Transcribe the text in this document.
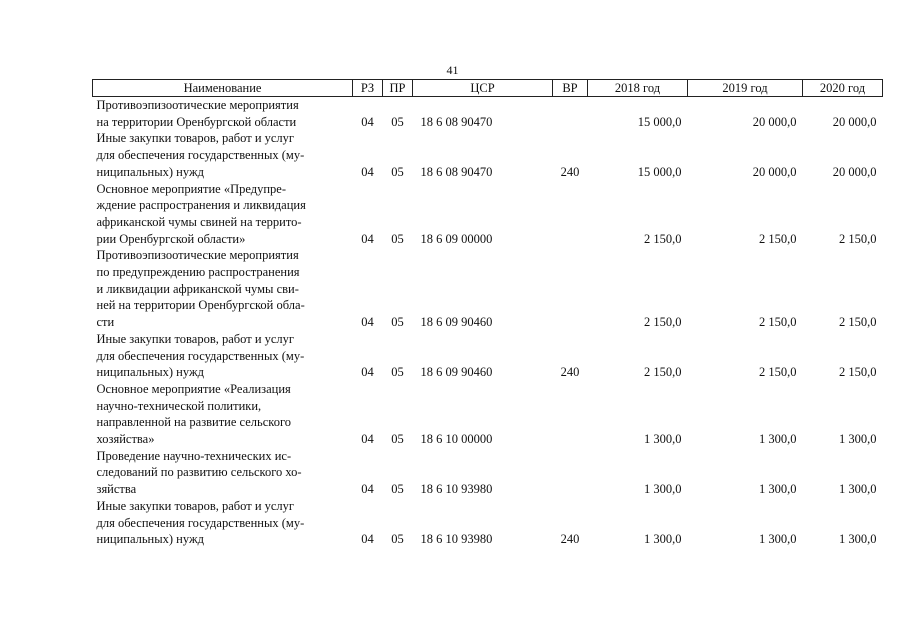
41
Наименование	РЗ	ПР	ЦСР	ВР	2018 год	2019 год	2020 год

Противоэпизоотические мероприятия
на территории Оренбургской области	04	05	18 6 08 90470		15 000,0	20 000,0	20 000,0

Иные закупки товаров, работ и услуг
для обеспечения государственных (му-
ниципальных) нужд	04	05	18 6 08 90470	240	15 000,0	20 000,0	20 000,0

Основное мероприятие «Предупре-
ждение распространения и ликвидация
африканской чумы свиней на террито-
рии Оренбургской области»	04	05	18 6 09 00000		2 150,0	2 150,0	2 150,0

Противоэпизоотические мероприятия
по предупреждению распространения
и ликвидации африканской чумы сви-
ней на территории Оренбургской обла-
сти	04	05	18 6 09 90460		2 150,0	2 150,0	2 150,0

Иные закупки товаров, работ и услуг
для обеспечения государственных (му-
ниципальных) нужд	04	05	18 6 09 90460	240	2 150,0	2 150,0	2 150,0

Основное мероприятие «Реализация
научно-технической политики,
направленной на развитие сельского
хозяйства»	04	05	18 6 10 00000		1 300,0	1 300,0	1 300,0

Проведение научно-технических ис-
следований по развитию сельского хо-
зяйства	04	05	18 6 10 93980		1 300,0	1 300,0	1 300,0

Иные закупки товаров, работ и услуг
для обеспечения государственных (му-
ниципальных) нужд	04	05	18 6 10 93980	240	1 300,0	1 300,0	1 300,0
